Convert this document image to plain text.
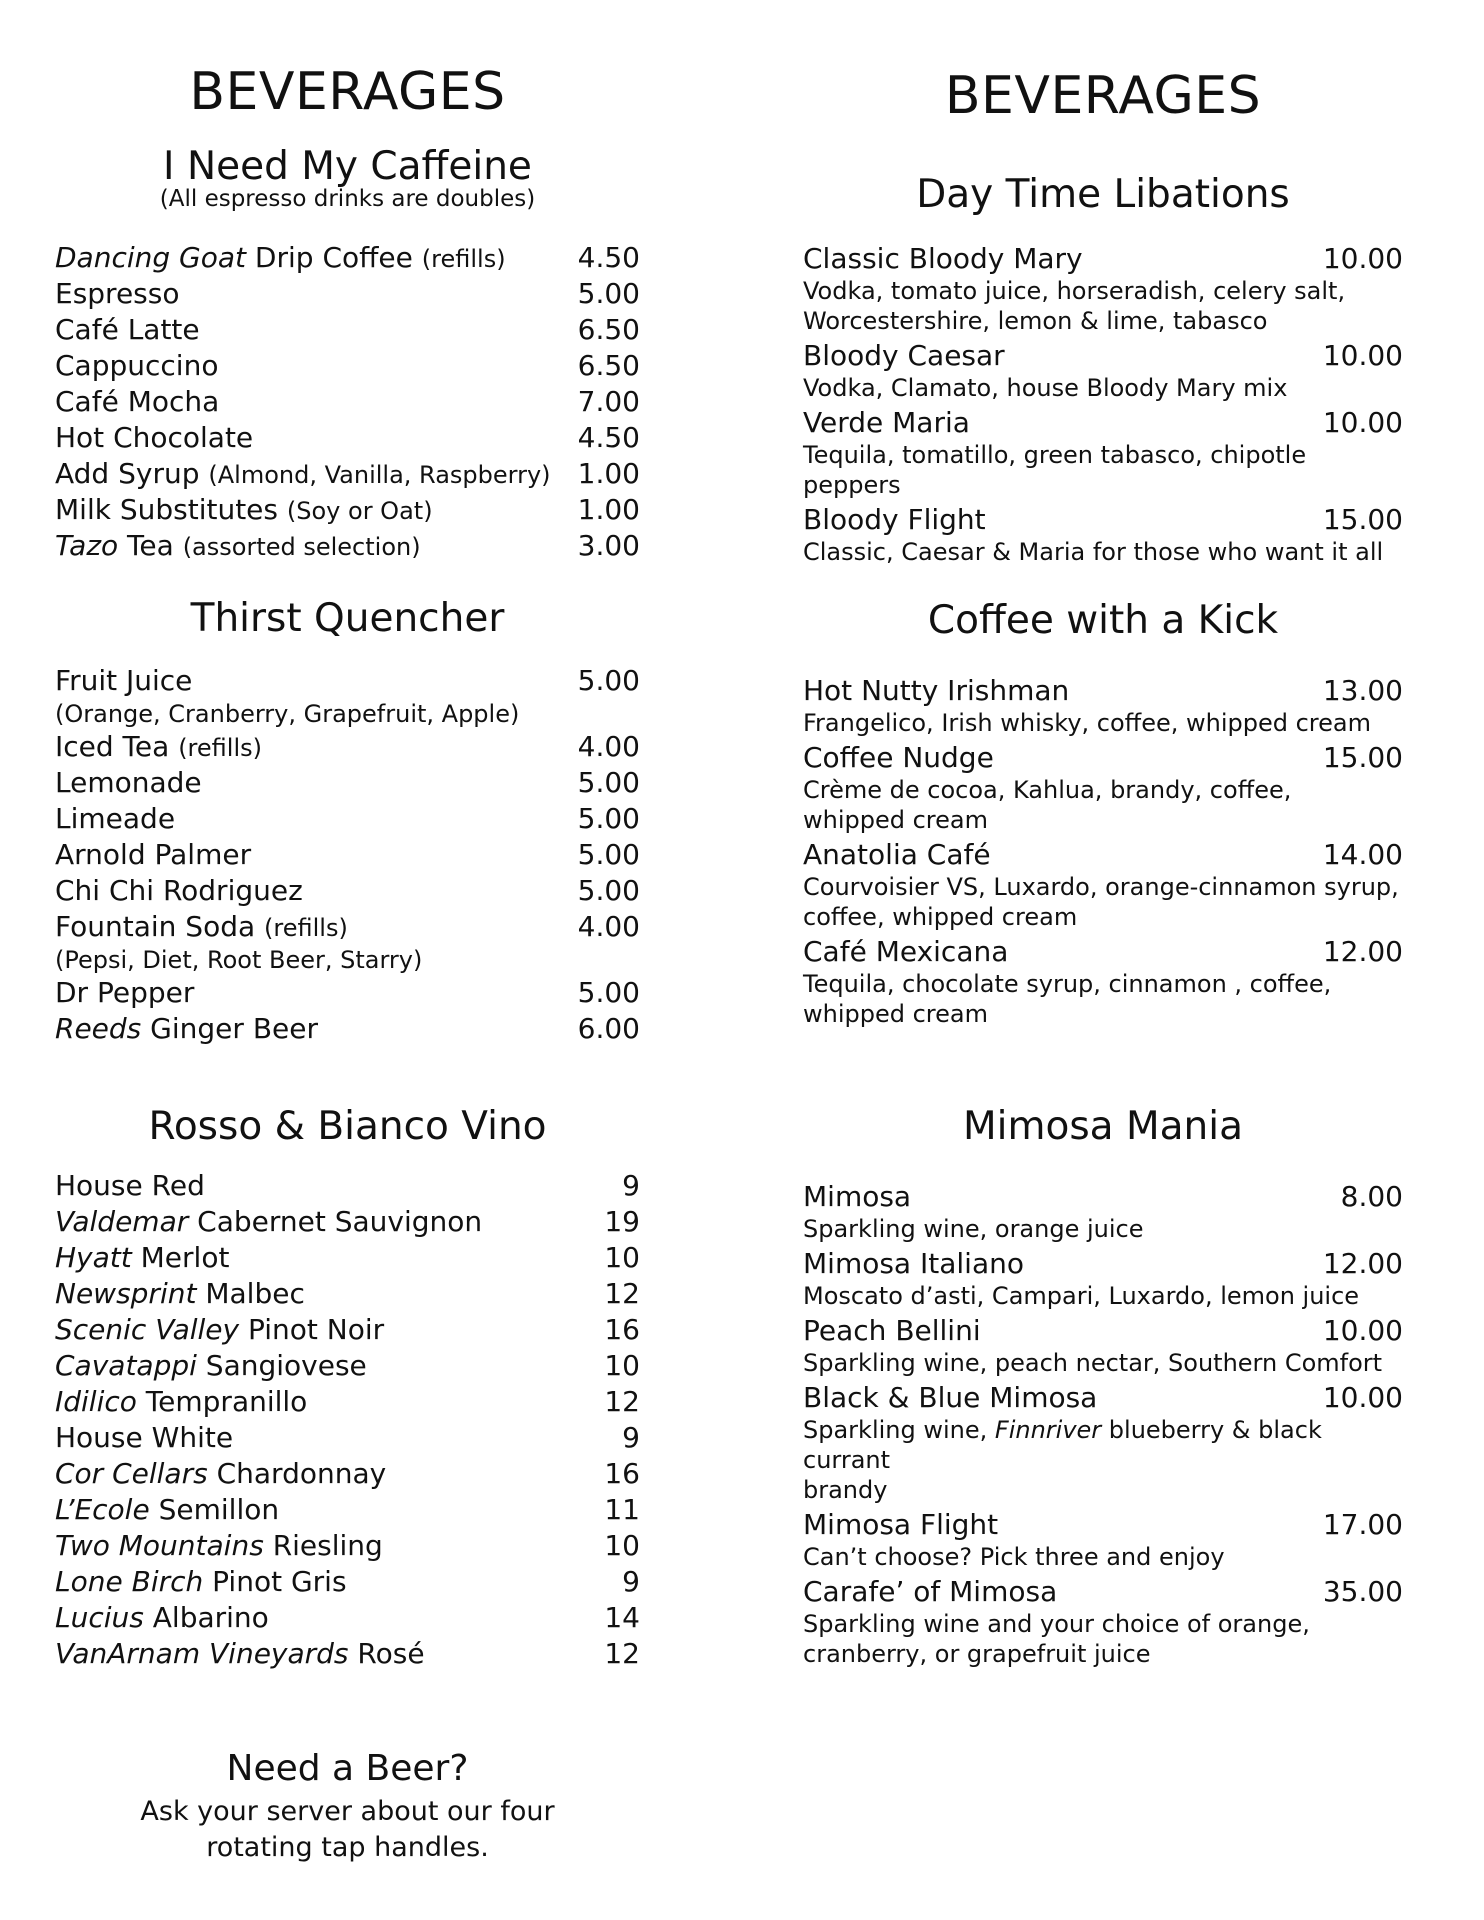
BEVERAGES
I Need My Caffeine
(All espresso drinks are doubles)
Dancing Goat Drip Coffee (refills)	4.50
Espresso	5.00
Café Latte	6.50
Cappuccino	6.50
Café Mocha	7.00
Hot Chocolate	4.50
Add Syrup (Almond, Vanilla, Raspberry) 1.00
Milk Substitutes (Soy or Oat)	1.00
Tazo Tea (assorted selection)	3.00
Thirst Quencher
Fruit Juice	5.00
(Orange, Cranberry, Grapefruit, Apple)
Iced Tea (refills)	4.00
Lemonade	5.00
Limeade	5.00
Arnold Palmer	5.00
Chi Chi Rodriguez	5.00
Fountain Soda (refills)	4.00
(Pepsi, Diet, Root Beer, Starry)
Dr Pepper	5.00
Reeds Ginger Beer	6.00
Rosso & Bianco Vino
House Red	9
Valdemar Cabernet Sauvignon	19
Hyatt Merlot	10
Newsprint Malbec	12
Scenic Valley Pinot Noir	16
Cavatappi Sangiovese	10
Idilico Tempranillo	12
House White	9
Cor Cellars Chardonnay	16
L’Ecole Semillon	11
Two Mountains Riesling	10
Lone Birch Pinot Gris	9
Lucius Albarino	14
VanArnam Vineyards Rosé	12
Need a Beer?
Ask your server about our four
rotating tap handles.
BEVERAGES
Day Time Libations
Classic Bloody Mary	10.00
Vodka, tomato juice, horseradish, celery salt,
Worcestershire, lemon & lime, tabasco
Bloody Caesar	10.00
Vodka, Clamato, house Bloody Mary mix
Verde Maria	10.00
Tequila, tomatillo, green tabasco, chipotle peppers
Bloody Flight	15.00
Classic, Caesar & Maria for those who want it all
Coffee with a Kick
Hot Nutty Irishman	13.00
Frangelico, Irish whisky, coffee, whipped cream
Coffee Nudge	15.00
Crème de cocoa, Kahlua, brandy, coffee,
whipped cream
Anatolia Café	14.00
Courvoisier VS, Luxardo, orange-cinnamon syrup,
coffee, whipped cream
Café Mexicana	12.00
Tequila, chocolate syrup, cinnamon , coffee,
whipped cream
Mimosa Mania
Mimosa	8.00
Sparkling wine, orange juice
Mimosa Italiano	12.00
Moscato d’asti, Campari, Luxardo, lemon juice
Peach Bellini	10.00
Sparkling wine, peach nectar, Southern Comfort
Black & Blue Mimosa	10.00
Sparkling wine, Finnriver blueberry & black currant
brandy
Mimosa Flight	17.00
Can’t choose? Pick three and enjoy
Carafe’ of Mimosa	35.00
Sparkling wine and your choice of orange,
cranberry, or grapefruit juice
